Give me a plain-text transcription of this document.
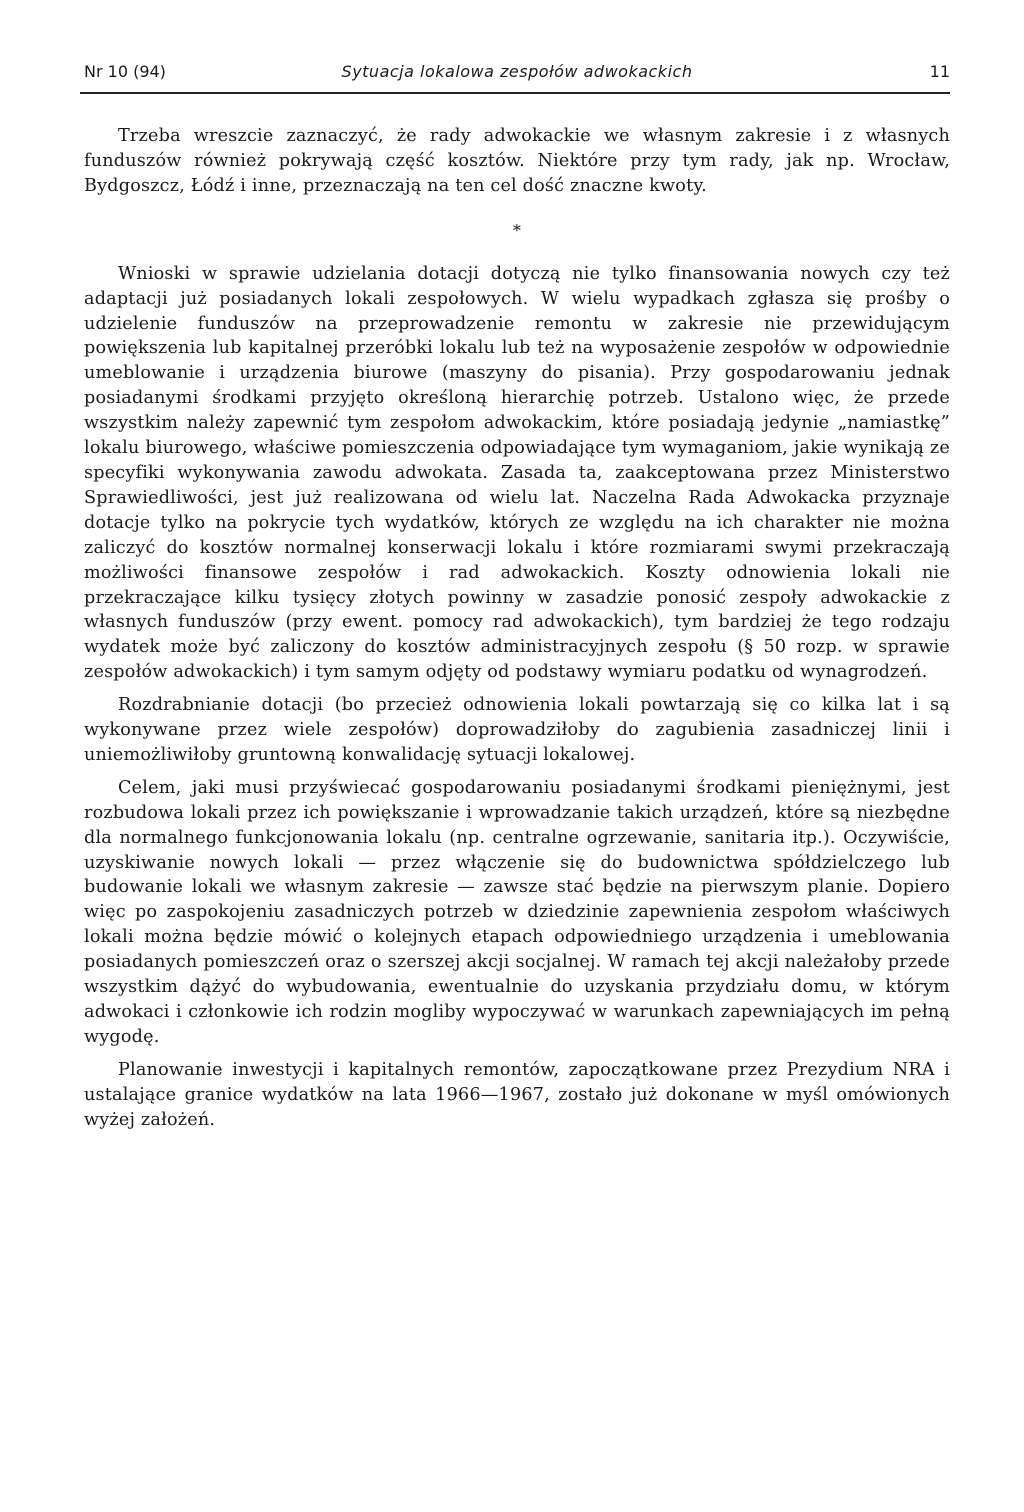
Nr 10 (94)	Sytuacja lokalowa zespołów adwokackich	11

Trzeba wreszcie zaznaczyć, że rady adwokackie we własnym zakresie i z własnych funduszów również pokrywają część kosztów. Niektóre przy tym rady, jak np. Wrocław, Bydgoszcz, Łódź i inne, przeznaczają na ten cel dość znaczne kwoty.

*

Wnioski w sprawie udzielania dotacji dotyczą nie tylko finansowania nowych czy też adaptacji już posiadanych lokali zespołowych. W wielu wypadkach zgłasza się prośby o udzielenie funduszów na przeprowadzenie remontu w zakresie nie przewidującym powiększenia lub kapitalnej przeróbki lokalu lub też na wyposażenie zespołów w odpowiednie umeblowanie i urządzenia biurowe (maszyny do pisania). Przy gospodarowaniu jednak posiadanymi środkami przyjęto określoną hierarchię potrzeb. Ustalono więc, że przede wszystkim należy zapewnić tym zespołom adwokackim, które posiadają jedynie „namiastkę” lokalu biurowego, właściwe pomieszczenia odpowiadające tym wymaganiom, jakie wynikają ze specyfiki wykonywania zawodu adwokata. Zasada ta, zaakceptowana przez Ministerstwo Sprawiedliwości, jest już realizowana od wielu lat. Naczelna Rada Adwokacka przyznaje dotacje tylko na pokrycie tych wydatków, których ze względu na ich charakter nie można zaliczyć do kosztów normalnej konserwacji lokalu i które rozmiarami swymi przekraczają możliwości finansowe zespołów i rad adwokackich. Koszty odnowienia lokali nie przekraczające kilku tysięcy złotych powinny w zasadzie ponosić zespoły adwokackie z własnych funduszów (przy ewent. pomocy rad adwokackich), tym bardziej że tego rodzaju wydatek może być zaliczony do kosztów administracyjnych zespołu (§ 50 rozp. w sprawie zespołów adwokackich) i tym samym odjęty od podstawy wymiaru podatku od wynagrodzeń.

Rozdrabnianie dotacji (bo przecież odnowienia lokali powtarzają się co kilka lat i są wykonywane przez wiele zespołów) doprowadziłoby do zagubienia zasadniczej linii i uniemożliwiłoby gruntowną konwalidację sytuacji lokalowej.

Celem, jaki musi przyświecać gospodarowaniu posiadanymi środkami pieniężnymi, jest rozbudowa lokali przez ich powiększanie i wprowadzanie takich urządzeń, które są niezbędne dla normalnego funkcjonowania lokalu (np. centralne ogrzewanie, sanitaria itp.). Oczywiście, uzyskiwanie nowych lokali — przez włączenie się do budownictwa spółdzielczego lub budowanie lokali we własnym zakresie — zawsze stać będzie na pierwszym planie. Dopiero więc po zaspokojeniu zasadniczych potrzeb w dziedzinie zapewnienia zespołom właściwych lokali można będzie mówić o kolejnych etapach odpowiedniego urządzenia i umeblowania posiadanych pomieszczeń oraz o szerszej akcji socjalnej. W ramach tej akcji należałoby przede wszystkim dążyć do wybudowania, ewentualnie do uzyskania przydziału domu, w którym adwokaci i członkowie ich rodzin mogliby wypoczywać w warunkach zapewniających im pełną wygodę.

Planowanie inwestycji i kapitalnych remontów, zapoczątkowane przez Prezydium NRA i ustalające granice wydatków na lata 1966—1967, zostało już dokonane w myśl omówionych wyżej założeń.
